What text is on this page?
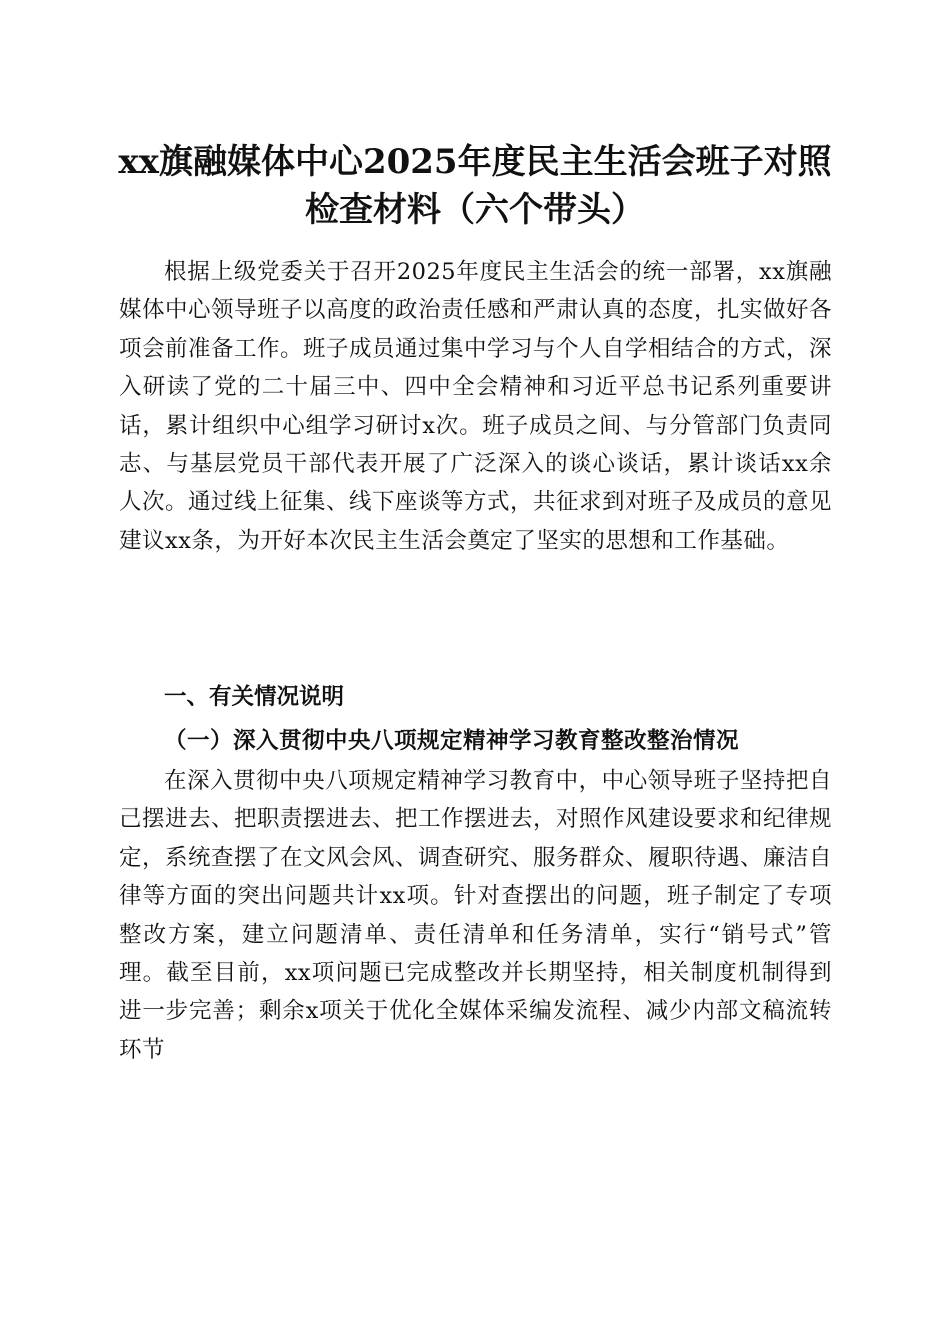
xx旗融媒体中心2025年度民主生活会班子对照检查材料（六个带头）

根据上级党委关于召开2025年度民主生活会的统一部署，xx旗融媒体中心领导班子以高度的政治责任感和严肃认真的态度，扎实做好各项会前准备工作。班子成员通过集中学习与个人自学相结合的方式，深入研读了党的二十届三中、四中全会精神和习近平总书记系列重要讲话，累计组织中心组学习研讨x次。班子成员之间、与分管部门负责同志、与基层党员干部代表开展了广泛深入的谈心谈话，累计谈话xx余人次。通过线上征集、线下座谈等方式，共征求到对班子及成员的意见建议xx条，为开好本次民主生活会奠定了坚实的思想和工作基础。

一、有关情况说明
（一）深入贯彻中央八项规定精神学习教育整改整治情况

在深入贯彻中央八项规定精神学习教育中，中心领导班子坚持把自己摆进去、把职责摆进去、把工作摆进去，对照作风建设要求和纪律规定，系统查摆了在文风会风、调查研究、服务群众、履职待遇、廉洁自律等方面的突出问题共计xx项。针对查摆出的问题，班子制定了专项整改方案，建立问题清单、责任清单和任务清单，实行“销号式”管理。截至目前，xx项问题已完成整改并长期坚持，相关制度机制得到进一步完善；剩余x项关于优化全媒体采编发流程、减少内部文稿流转环节
